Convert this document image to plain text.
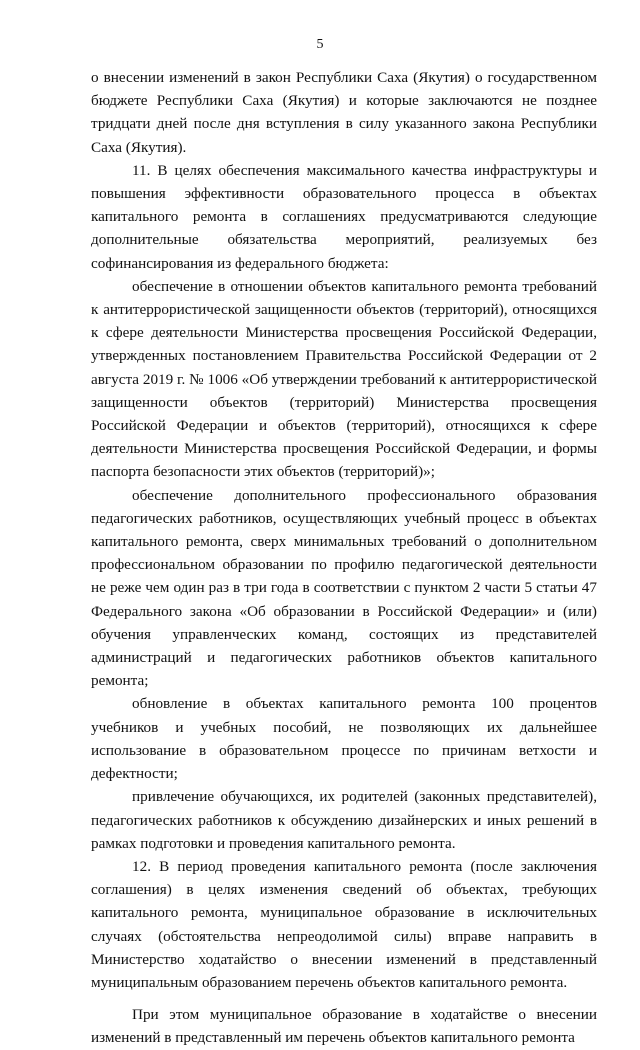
5

о внесении изменений в закон Республики Саха (Якутия) о государственном бюджете Республики Саха (Якутия) и которые заключаются не позднее тридцати дней после дня вступления в силу указанного закона Республики Саха (Якутия).

11. В целях обеспечения максимального качества инфраструктуры и повышения эффективности образовательного процесса в объектах капитального ремонта в соглашениях предусматриваются следующие дополнительные обязательства мероприятий, реализуемых без софинансирования из федерального бюджета:

обеспечение в отношении объектов капитального ремонта требований к антитеррористической защищенности объектов (территорий), относящихся к сфере деятельности Министерства просвещения Российской Федерации, утвержденных постановлением Правительства Российской Федерации от 2 августа 2019 г. № 1006 «Об утверждении требований к антитеррористической защищенности объектов (территорий) Министерства просвещения Российской Федерации и объектов (территорий), относящихся к сфере деятельности Министерства просвещения Российской Федерации, и формы паспорта безопасности этих объектов (территорий)»;

обеспечение дополнительного профессионального образования педагогических работников, осуществляющих учебный процесс в объектах капитального ремонта, сверх минимальных требований о дополнительном профессиональном образовании по профилю педагогической деятельности не реже чем один раз в три года в соответствии с пунктом 2 части 5 статьи 47 Федерального закона «Об образовании в Российской Федерации» и (или) обучения управленческих команд, состоящих из представителей администраций и педагогических работников объектов капитального ремонта;

обновление в объектах капитального ремонта 100 процентов учебников и учебных пособий, не позволяющих их дальнейшее использование в образовательном процессе по причинам ветхости и дефектности;

привлечение обучающихся, их родителей (законных представителей), педагогических работников к обсуждению дизайнерских и иных решений в рамках подготовки и проведения капитального ремонта.

12. В период проведения капитального ремонта (после заключения соглашения) в целях изменения сведений об объектах, требующих капитального ремонта, муниципальное образование в исключительных случаях (обстоятельства непреодолимой силы) вправе направить в Министерство ходатайство о внесении изменений в представленный муниципальным образованием перечень объектов капитального ремонта.

При этом муниципальное образование в ходатайстве о внесении изменений в представленный им перечень объектов капитального ремонта
